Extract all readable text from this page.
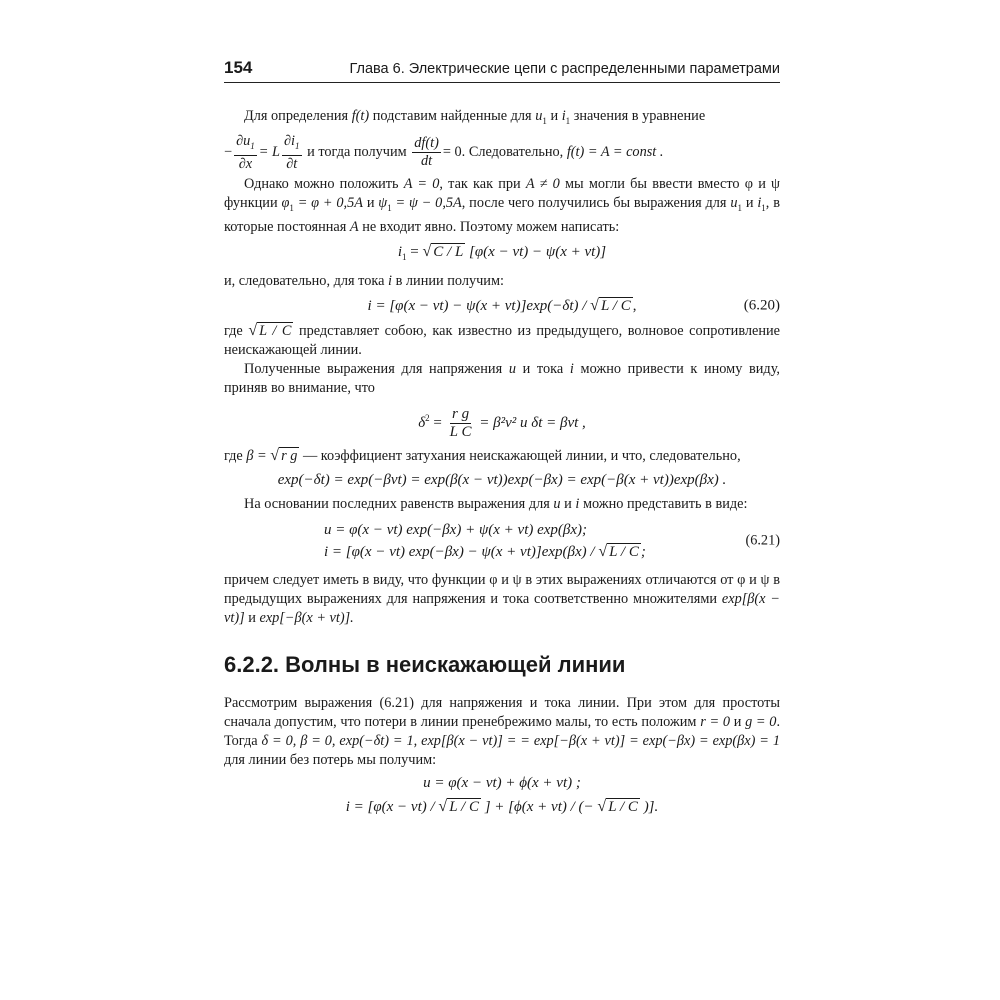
154	Глава 6. Электрические цепи с распределенными параметрами

Для определения f(t) подставим найденные для $u_1$ и $i_1$ значения в уравнение

− $\frac{\partial u_1}{\partial x} = L \frac{\partial i_1}{\partial t}$ и тогда получим $\frac{df(t)}{dt} = 0$. Следовательно, f(t) = A = const .

Однако можно положить A = 0, так как при A ≠ 0 мы могли бы ввести вместо φ и ψ функции $\varphi_1 = \varphi + 0,5A$ и $\psi_1 = \psi - 0,5A$, после чего получились бы выражения для $u_1$ и $i_1$, в которые постоянная A не входит явно. Поэтому можем написать:

$i_1$ = √ C / L [φ(x − vt) − ψ(x + vt)]

и, следовательно, для тока i в линии получим:

i = [φ(x − vt) − ψ(x + vt)]exp(−δt) / √ L / C ,	(6.20)

где √ L / C представляет собою, как известно из предыдущего, волновое сопротивление неискажающей линии.

Полученные выражения для напряжения u и тока i можно привести к иному виду, приняв во внимание, что

$\delta^2 = \frac{\text{r g}}{\text{L C}} = \beta^2v^2$ и δt = βvt ,

где β = √ r g — коэффициент затухания неискажающей линии, и что, следовательно,

exp(−δt) = exp(−βvt) = exp(β(x − vt))exp(−βx) = exp(−β(x + vt))exp(βx) .

На основании последних равенств выражения для u и i можно представить в виде:

u = φ(x − vt) exp(−βx) + ψ(x + vt) exp(βx);
i = [φ(x − vt) exp(−βx) − ψ(x + vt)]exp(βx) / √ L / C ;
(6.21)

причем следует иметь в виду, что функции φ и ψ в этих выражениях отличаются от φ и ψ в предыдущих выражениях для напряжения и тока соответственно множителями exp[β(x − vt)] и exp[−β(x + vt)].

6.2.2. Волны в неискажающей линии

Рассмотрим выражения (6.21) для напряжения и тока линии. При этом для простоты сначала допустим, что потери в линии пренебрежимо малы, то есть положим r = 0 и g = 0. Тогда δ = 0, β = 0, exp(−δt) = 1, exp[β(x − vt)] = = exp[−β(x + vt)] = exp(−βx) = exp(βx) = 1 для линии без потерь мы получим:

u = φ(x − vt) + ϕ(x + vt) ;
i = [φ(x − vt) / √ L / C ] + [ϕ(x + vt) / (− √ L / C )].
